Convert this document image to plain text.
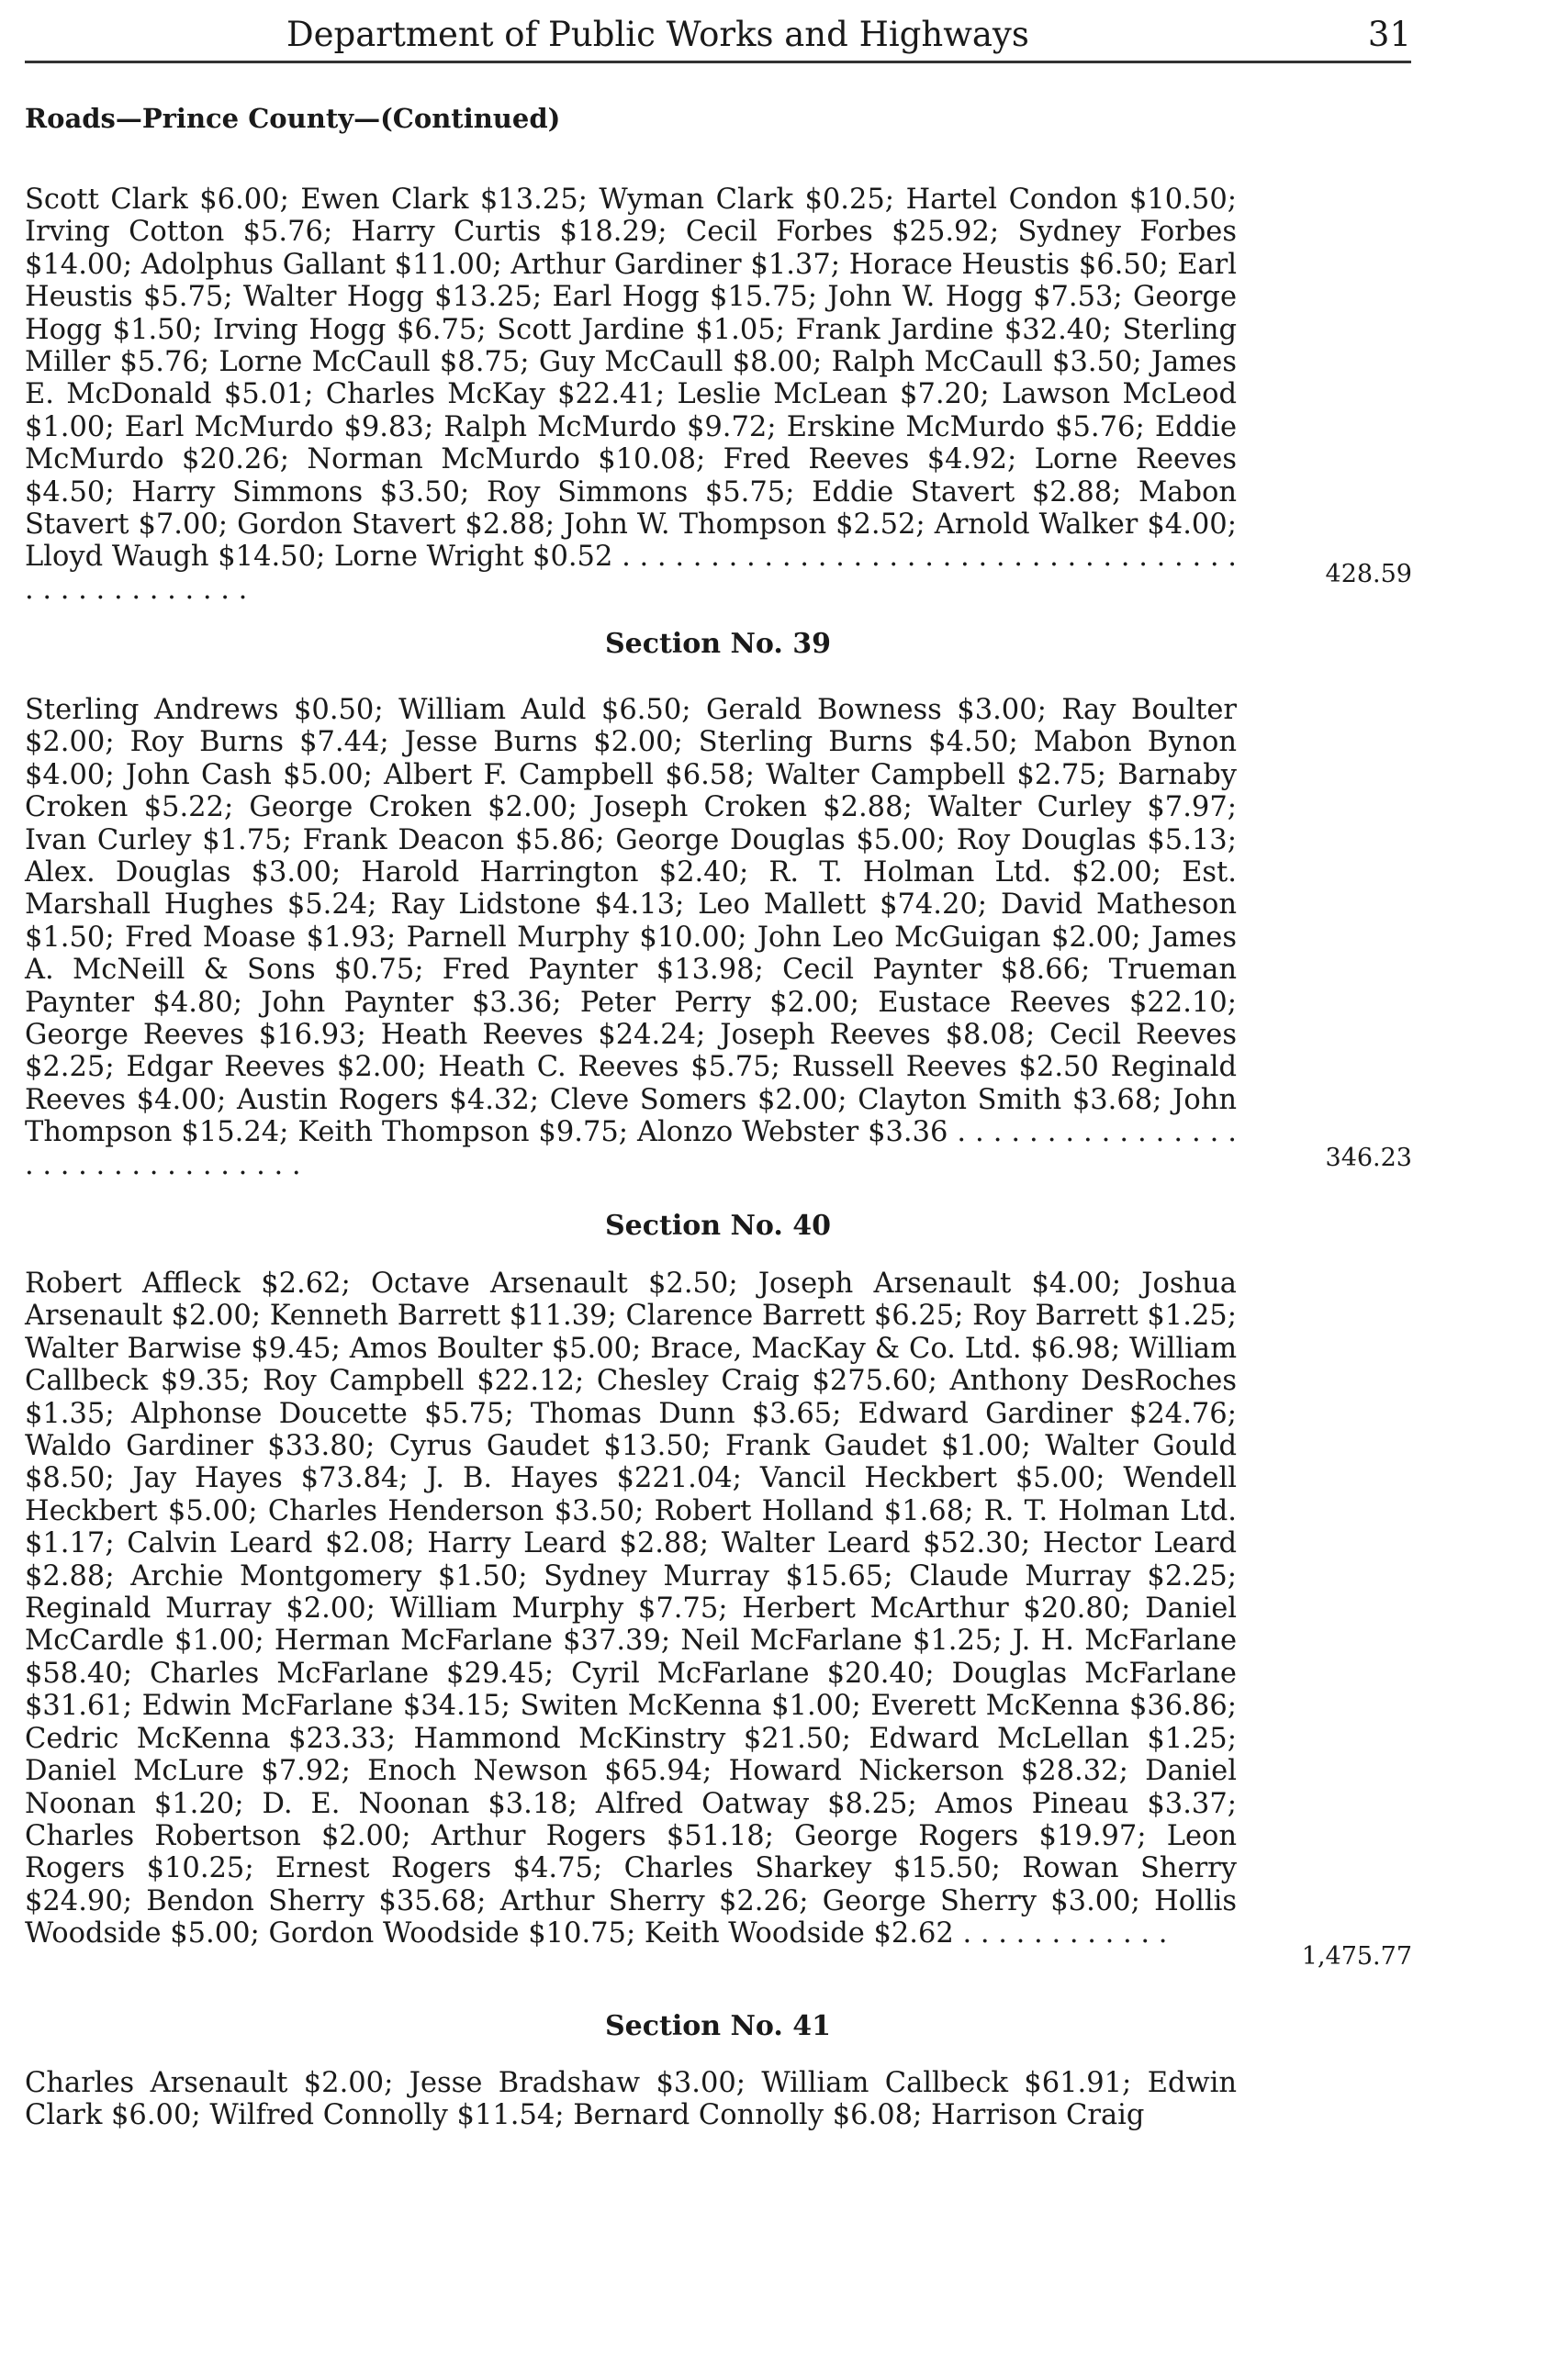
Department of Public Works and Highways	31
Roads—Prince County—(Continued)
Scott Clark $6.00; Ewen Clark $13.25; Wyman Clark $0.25; Hartel Condon $10.50; Irving Cotton $5.76; Harry Curtis $18.29; Cecil Forbes $25.92; Sydney Forbes $14.00; Adolphus Gallant $11.00; Arthur Gardiner $1.37; Horace Heustis $6.50; Earl Heustis $5.75; Walter Hogg $13.25; Earl Hogg $15.75; John W. Hogg $7.53; George Hogg $1.50; Irving Hogg $6.75; Scott Jardine $1.05; Frank Jardine $32.40; Sterling Miller $5.76; Lorne McCaull $8.75; Guy McCaull $8.00; Ralph McCaull $3.50; James E. McDonald $5.01; Charles McKay $22.41; Leslie McLean $7.20; Lawson McLeod $1.00; Earl McMurdo $9.83; Ralph McMurdo $9.72; Erskine McMurdo $5.76; Eddie McMurdo $20.26; Norman McMurdo $10.08; Fred Reeves $4.92; Lorne Reeves $4.50; Harry Simmons $3.50; Roy Simmons $5.75; Eddie Stavert $2.88; Mabon Stavert $7.00; Gordon Stavert $2.88; John W. Thompson $2.52; Arnold Walker $4.00; Lloyd Waugh $14.50; Lorne Wright $0.52 . . . . . . . . . . . . . . . . . . . . . . . . . . . . . . . . . . . . . . . . . . . . . . . .	428.59
Section No. 39
Sterling Andrews $0.50; William Auld $6.50; Gerald Bowness $3.00; Ray Boulter $2.00; Roy Burns $7.44; Jesse Burns $2.00; Sterling Burns $4.50; Mabon Bynon $4.00; John Cash $5.00; Albert F. Campbell $6.58; Walter Campbell $2.75; Barnaby Croken $5.22; George Croken $2.00; Joseph Croken $2.88; Walter Curley $7.97; Ivan Curley $1.75; Frank Deacon $5.86; George Douglas $5.00; Roy Douglas $5.13; Alex. Douglas $3.00; Harold Harrington $2.40; R. T. Holman Ltd. $2.00; Est. Marshall Hughes $5.24; Ray Lidstone $4.13; Leo Mallett $74.20; David Matheson $1.50; Fred Moase $1.93; Parnell Murphy $10.00; John Leo McGuigan $2.00; James A. McNeill & Sons $0.75; Fred Paynter $13.98; Cecil Paynter $8.66; Trueman Paynter $4.80; John Paynter $3.36; Peter Perry $2.00; Eustace Reeves $22.10; George Reeves $16.93; Heath Reeves $24.24; Joseph Reeves $8.08; Cecil Reeves $2.25; Edgar Reeves $2.00; Heath C. Reeves $5.75; Russell Reeves $2.50 Reginald Reeves $4.00; Austin Rogers $4.32; Cleve Somers $2.00; Clayton Smith $3.68; John Thompson $15.24; Keith Thompson $9.75; Alonzo Webster $3.36 . . . . . . . . . . . . . . . . . . . . . . . . . . . . . . . .	346.23
Section No. 40
Robert Affleck $2.62; Octave Arsenault $2.50; Joseph Arsenault $4.00; Joshua Arsenault $2.00; Kenneth Barrett $11.39; Clarence Barrett $6.25; Roy Barrett $1.25; Walter Barwise $9.45; Amos Boulter $5.00; Brace, MacKay & Co. Ltd. $6.98; William Callbeck $9.35; Roy Campbell $22.12; Chesley Craig $275.60; Anthony DesRoches $1.35; Alphonse Doucette $5.75; Thomas Dunn $3.65; Edward Gardiner $24.76; Waldo Gardiner $33.80; Cyrus Gaudet $13.50; Frank Gaudet $1.00; Walter Gould $8.50; Jay Hayes $73.84; J. B. Hayes $221.04; Vancil Heckbert $5.00; Wendell Heckbert $5.00; Charles Henderson $3.50; Robert Holland $1.68; R. T. Holman Ltd. $1.17; Calvin Leard $2.08; Harry Leard $2.88; Walter Leard $52.30; Hector Leard $2.88; Archie Montgomery $1.50; Sydney Murray $15.65; Claude Murray $2.25; Reginald Murray $2.00; William Murphy $7.75; Herbert McArthur $20.80; Daniel McCardle $1.00; Herman McFarlane $37.39; Neil McFarlane $1.25; J. H. McFarlane $58.40; Charles McFarlane $29.45; Cyril McFarlane $20.40; Douglas McFarlane $31.61; Edwin McFarlane $34.15; Switen McKenna $1.00; Everett McKenna $36.86; Cedric McKenna $23.33; Hammond McKinstry $21.50; Edward McLellan $1.25; Daniel McLure $7.92; Enoch Newson $65.94; Howard Nickerson $28.32; Daniel Noonan $1.20; D. E. Noonan $3.18; Alfred Oatway $8.25; Amos Pineau $3.37; Charles Robertson $2.00; Arthur Rogers $51.18; George Rogers $19.97; Leon Rogers $10.25; Ernest Rogers $4.75; Charles Sharkey $15.50; Rowan Sherry $24.90; Bendon Sherry $35.68; Arthur Sherry $2.26; George Sherry $3.00; Hollis Woodside $5.00; Gordon Woodside $10.75; Keith Woodside $2.62 . . . . . . . . . . . .
1,475.77
Section No. 41
Charles Arsenault $2.00; Jesse Bradshaw $3.00; William Callbeck $61.91; Edwin Clark $6.00; Wilfred Connolly $11.54; Bernard Connolly $6.08; Harrison Craig
